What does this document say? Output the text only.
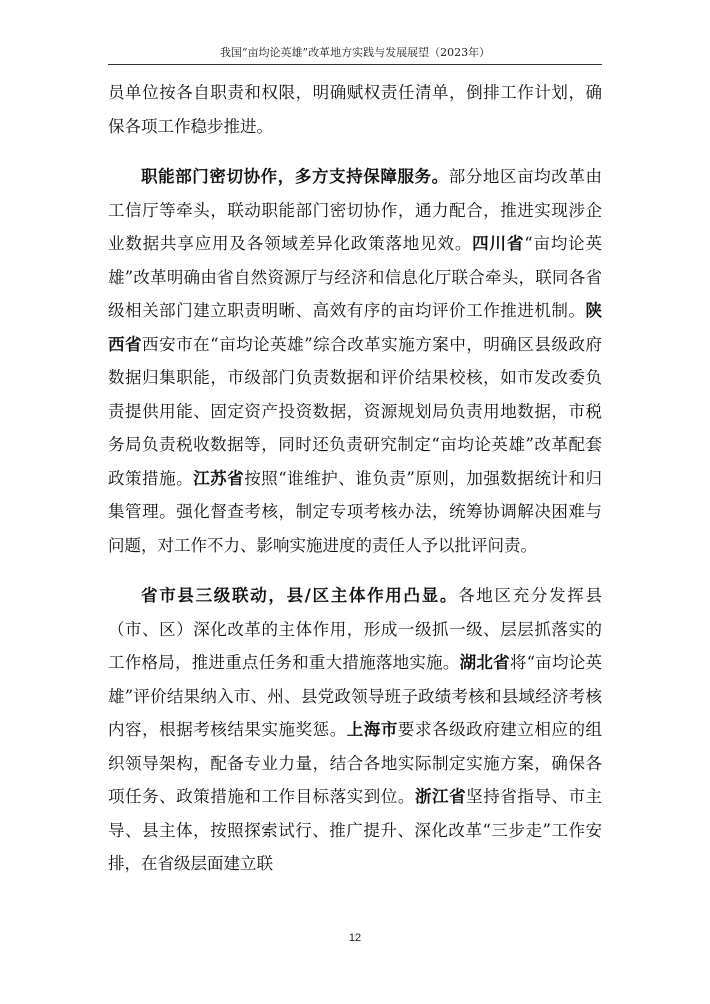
我国“亩均论英雄”改革地方实践与发展展望（2023年）

员单位按各自职责和权限，明确赋权责任清单，倒排工作计划，确保各项工作稳步推进。

职能部门密切协作，多方支持保障服务。部分地区亩均改革由工信厅等牵头，联动职能部门密切协作，通力配合，推进实现涉企业数据共享应用及各领域差异化政策落地见效。四川省“亩均论英雄”改革明确由省自然资源厅与经济和信息化厅联合牵头，联同各省级相关部门建立职责明晰、高效有序的亩均评价工作推进机制。陕西省西安市在“亩均论英雄”综合改革实施方案中，明确区县级政府数据归集职能，市级部门负责数据和评价结果校核，如市发改委负责提供用能、固定资产投资数据，资源规划局负责用地数据，市税务局负责税收数据等，同时还负责研究制定“亩均论英雄”改革配套政策措施。江苏省按照“谁维护、谁负责”原则，加强数据统计和归集管理。强化督查考核，制定专项考核办法，统筹协调解决困难与问题，对工作不力、影响实施进度的责任人予以批评问责。

省市县三级联动，县/区主体作用凸显。各地区充分发挥县（市、区）深化改革的主体作用，形成一级抓一级、层层抓落实的工作格局，推进重点任务和重大措施落地实施。湖北省将“亩均论英雄”评价结果纳入市、州、县党政领导班子政绩考核和县域经济考核内容，根据考核结果实施奖惩。上海市要求各级政府建立相应的组织领导架构，配备专业力量，结合各地实际制定实施方案，确保各项任务、政策措施和工作目标落实到位。浙江省坚持省指导、市主导、县主体，按照探索试行、推广提升、深化改革“三步走”工作安排，在省级层面建立联

12
